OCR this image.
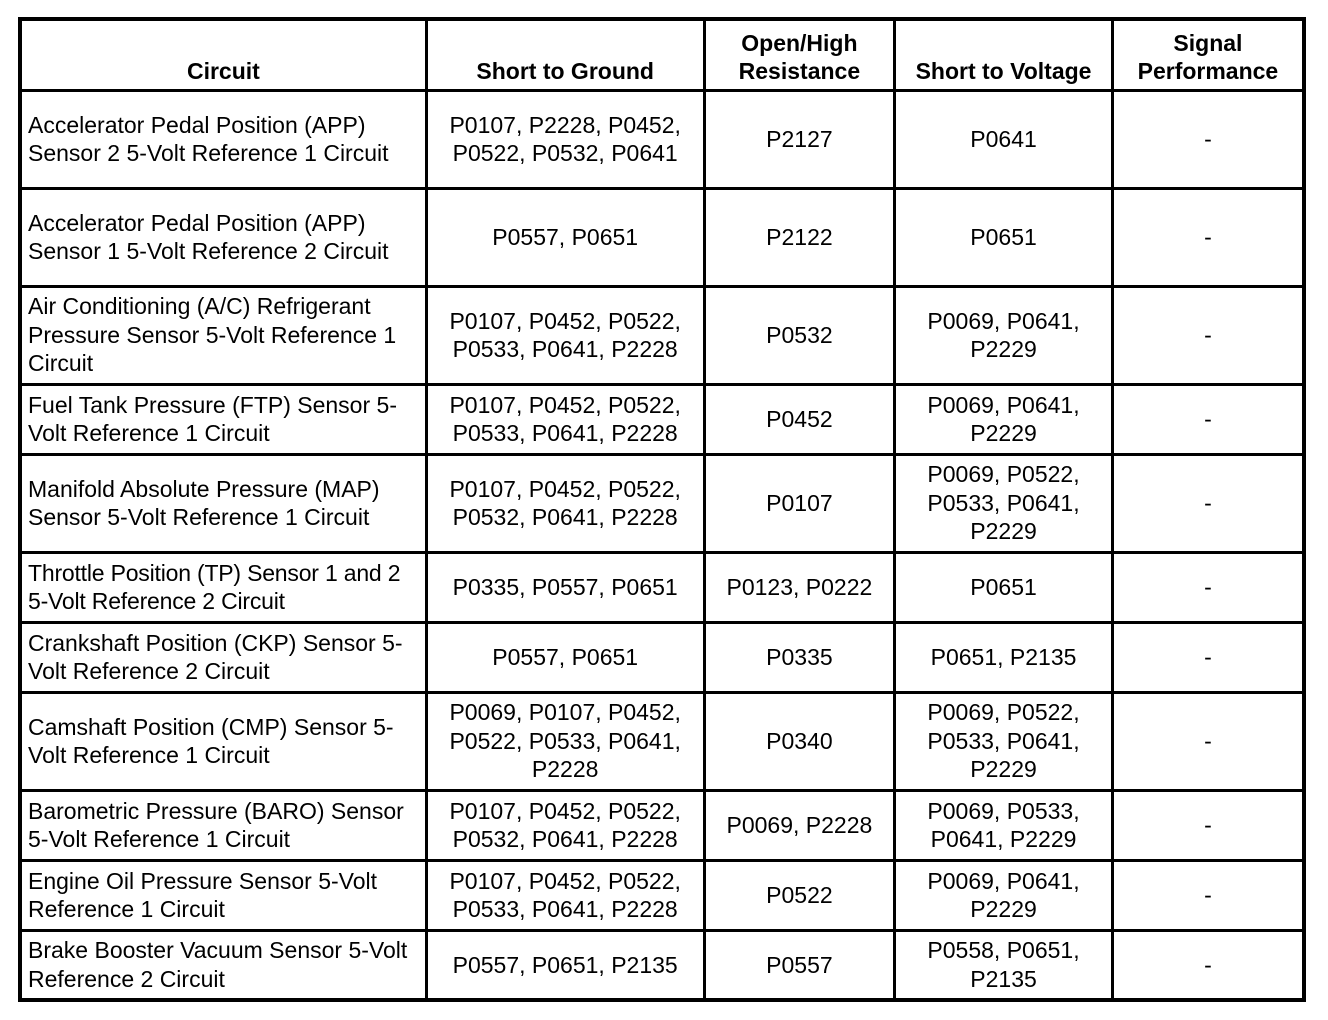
Circuit	Short to Ground	Open/High Resistance	Short to Voltage	Signal Performance
Accelerator Pedal Position (APP) Sensor 2 5-Volt Reference 1 Circuit	P0107, P2228, P0452, P0522, P0532, P0641	P2127	P0641	-
Accelerator Pedal Position (APP) Sensor 1 5-Volt Reference 2 Circuit	P0557, P0651	P2122	P0651	-
Air Conditioning (A/C) Refrigerant Pressure Sensor 5-Volt Reference 1 Circuit	P0107, P0452, P0522, P0533, P0641, P2228	P0532	P0069, P0641, P2229	-
Fuel Tank Pressure (FTP) Sensor 5-Volt Reference 1 Circuit	P0107, P0452, P0522, P0533, P0641, P2228	P0452	P0069, P0641, P2229	-
Manifold Absolute Pressure (MAP) Sensor 5-Volt Reference 1 Circuit	P0107, P0452, P0522, P0532, P0641, P2228	P0107	P0069, P0522, P0533, P0641, P2229	-
Throttle Position (TP) Sensor 1 and 2 5-Volt Reference 2 Circuit	P0335, P0557, P0651	P0123, P0222	P0651	-
Crankshaft Position (CKP) Sensor 5-Volt Reference 2 Circuit	P0557, P0651	P0335	P0651, P2135	-
Camshaft Position (CMP) Sensor 5-Volt Reference 1 Circuit	P0069, P0107, P0452, P0522, P0533, P0641, P2228	P0340	P0069, P0522, P0533, P0641, P2229	-
Barometric Pressure (BARO) Sensor 5-Volt Reference 1 Circuit	P0107, P0452, P0522, P0532, P0641, P2228	P0069, P2228	P0069, P0533, P0641, P2229	-
Engine Oil Pressure Sensor 5-Volt Reference 1 Circuit	P0107, P0452, P0522, P0533, P0641, P2228	P0522	P0069, P0641, P2229	-
Brake Booster Vacuum Sensor 5-Volt Reference 2 Circuit	P0557, P0651, P2135	P0557	P0558, P0651, P2135	-
